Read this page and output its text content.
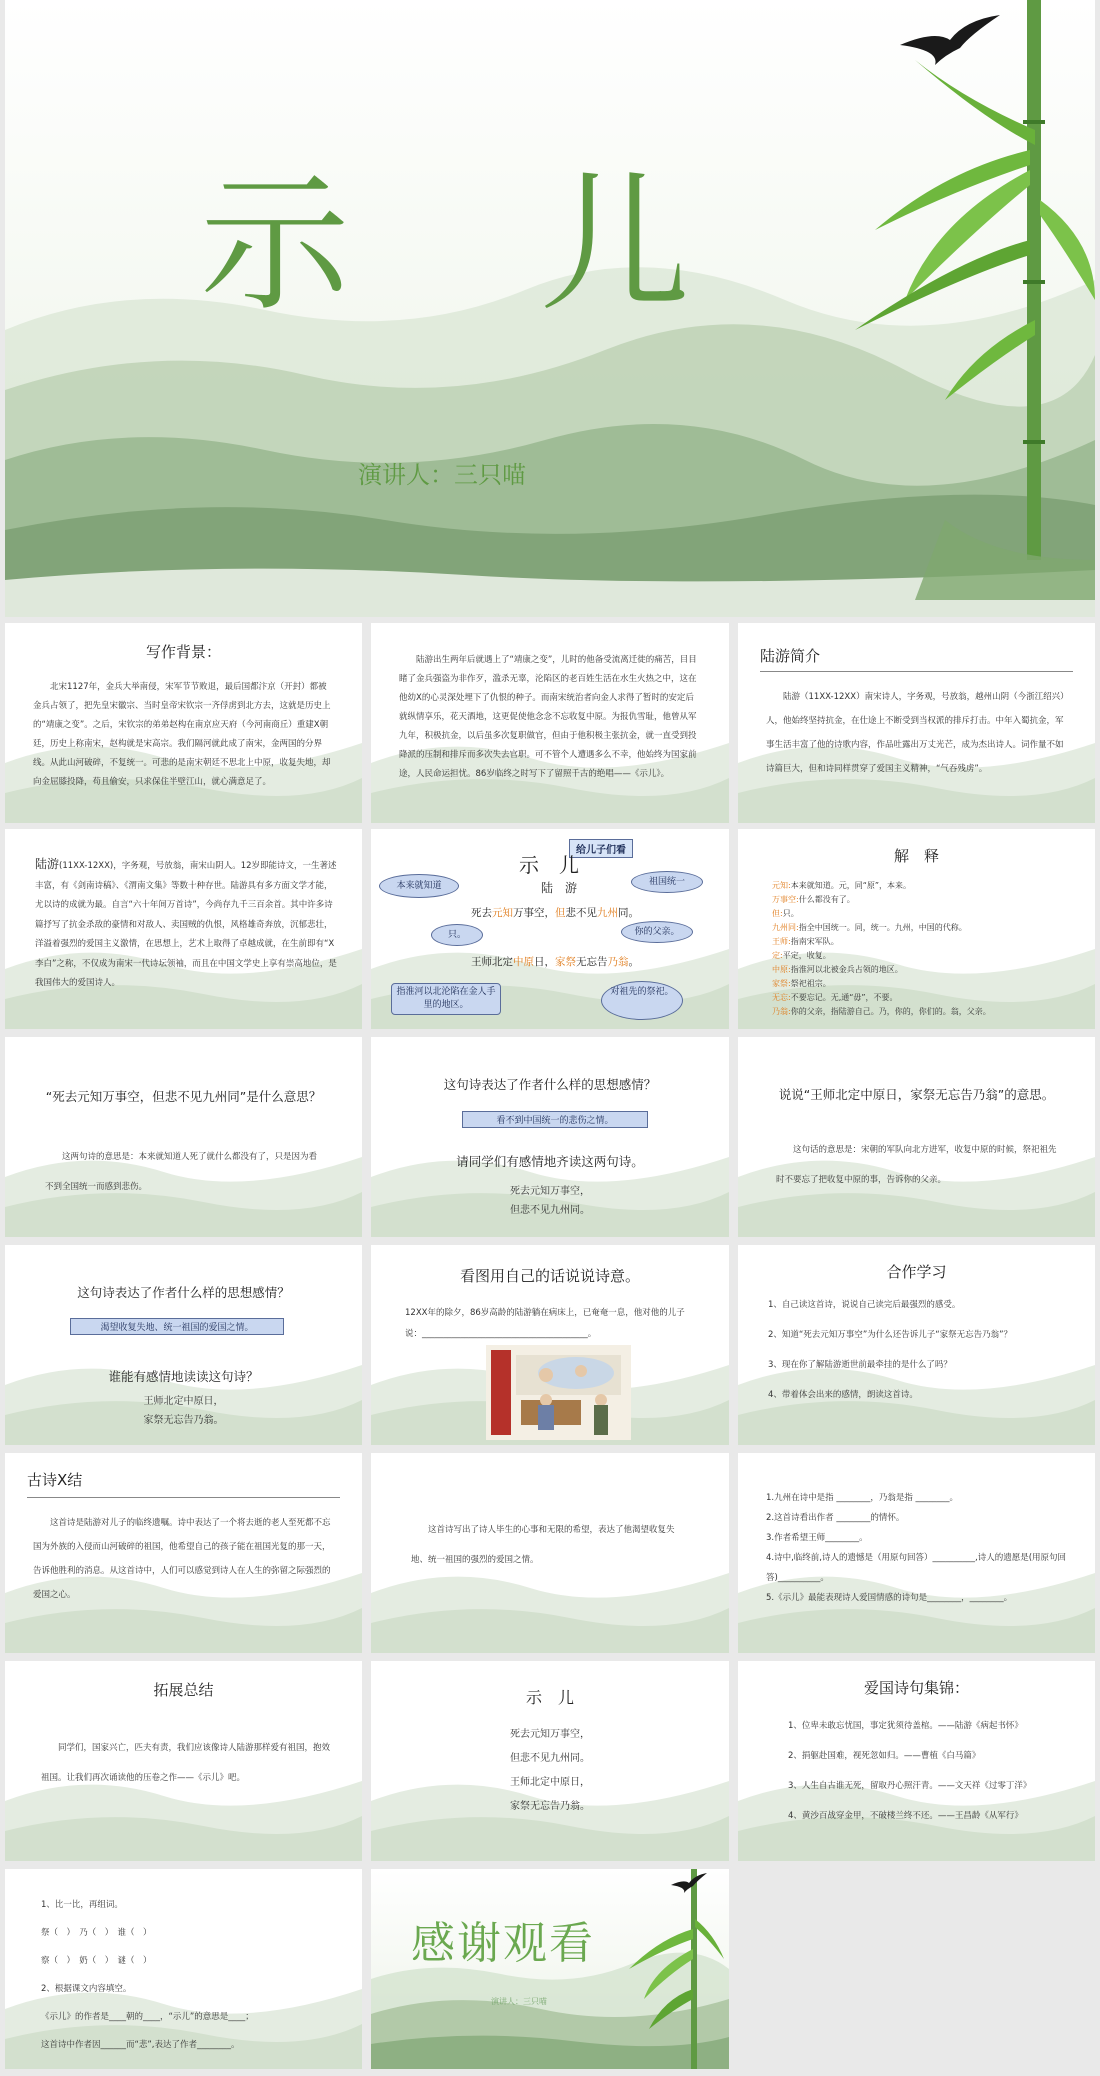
示　儿
演讲人：三只喵
写作背景：
北宋1127年，金兵大举南侵，宋军节节败退，最后国都汴京（开封）都被金兵占领了，把先皇宋徽宗、当时皇帝宋钦宗一齐俘虏到北方去，这就是历史上的“靖康之变”。之后，宋钦宗的弟弟赵构在南京应天府（今河南商丘）重建X朝廷，历史上称南宋，赵构就是宋高宗。我们隔河就此成了南宋，金两国的分界线。从此山河破碎，不复统一。可悲的是南宋朝廷不思北上中原，收复失地，却向金屈膝投降，苟且偷安，只求保住半壁江山，就心满意足了。
陆游出生两年后就遇上了“靖康之变”，儿时的他备受流离迁徙的痛苦，目目睹了金兵强盗为非作歹，滥杀无辜，沦陷区的老百姓生活在水生火热之中，这在他幼X的心灵深处埋下了仇恨的种子。而南宋统治者向金人求得了暂时的安定后就纵情享乐，花天酒地，这更促使他念念不忘收复中原。为报仇雪耻，他曾从军九年，积极抗金，以后虽多次复职做官，但由于他积极主张抗金，就一直受到投降派的压制和排斥而多次失去官职。可不管个人遭遇多么不幸，他始终为国家前途，人民命运担忧。86岁临终之时写下了留照千古的绝唱——《示儿》。
陆游简介
陆游（11XX-12XX）南宋诗人，字务观，号放翁，越州山阴（今浙江绍兴）人，他始终坚持抗金，在仕途上不断受到当权派的排斥打击。中年入蜀抗金，军事生活丰富了他的诗歌内容，作品吐露出万丈光芒，成为杰出诗人。词作量不如诗篇巨大，但和诗同样贯穿了爱国主义精神，“气吞残虏”。
陆游(11XX-12XX)，字务观，号放翁，南宋山阴人。12岁即能诗文，一生著述丰富，有《剑南诗稿》、《渭南文集》等数十种存世。陆游具有多方面文学才能，尤以诗的成就为最。自言“六十年间万首诗”，今尚存九千三百余首。其中许多诗篇抒写了抗金杀敌的豪情和对敌人、卖国贼的仇恨，风格雄奇奔放，沉郁悲壮，洋溢着强烈的爱国主义激情，在思想上，艺术上取得了卓越成就，在生前即有“X李白”之称，不仅成为南宋一代诗坛领袖，而且在中国文学史上享有崇高地位，是我国伟大的爱国诗人。
给儿子们看
示　儿
陆　游
死去元知万事空，但悲不见九州同。
王师北定中原日，家祭无忘告乃翁。
本来就知道	祖国统一
只。	你的父亲。
指淮河以北沦陷在金人手里的地区。
对祖先的祭祀。
解　释
元知:本来就知道。元，同“原”，本来。
万事空:什么都没有了。
但:只。
九州同:指全中国统一。同，统一。九州，中国的代称。
王师:指南宋军队。
定:平定，收复。
中原:指淮河以北被金兵占领的地区。
家祭:祭祀祖宗。
无忘:不要忘记。无,通“毋”，不要。
乃翁:你的父亲，指陆游自己。乃，你的，你们的。翁，父亲。
“死去元知万事空，但悲不见九州同”是什么意思？
这两句诗的意思是：本来就知道人死了就什么都没有了，只是因为看不到全国统一而感到悲伤。
这句诗表达了作者什么样的思想感情？
看不到中国统一的悲伤之情。
请同学们有感情地齐读这两句诗。
死去元知万事空，
但悲不见九州同。
说说“王师北定中原日，家祭无忘告乃翁”的意思。
这句话的意思是：宋朝的军队向北方进军，收复中原的时候，祭祀祖先时不要忘了把收复中原的事，告诉你的父亲。
这句诗表达了作者什么样的思想感情？
渴望收复失地、统一祖国的爱国之情。
谁能有感情地读读这句诗？
王师北定中原日，
家祭无忘告乃翁。
看图用自己的话说说诗意。
12XX年的除夕，86岁高龄的陆游躺在病床上，已奄奄一息，他对他的儿子说：_______________________________________。
合作学习
1、自己读这首诗，说说自己读完后最强烈的感受。
2、知道“死去元知万事空”为什么还告诉儿子“家祭无忘告乃翁”？
3、现在你了解陆游逝世前最牵挂的是什么了吗？
4、带着体会出来的感情，朗读这首诗。
古诗X结
这首诗是陆游对儿子的临终遗嘱。诗中表达了一个将去逝的老人至死都不忘国为外族的入侵而山河破碎的祖国，他希望自己的孩子能在祖国光复的那一天，告诉他胜利的消息。从这首诗中，人们可以感觉到诗人在人生的弥留之际强烈的爱国之心。
这首诗写出了诗人毕生的心事和无限的希望，表达了他渴望收复失地、统一祖国的强烈的爱国之情。
1.九州在诗中是指 ________，乃翁是指 ________。
2.这首诗看出作者 ________的情怀。
3.作者希望王师________。
4.诗中,临终前,诗人的遗憾是（用原句回答）__________,诗人的遗愿是(用原句回答)__________。
5.《示儿》最能表现诗人爱国情感的诗句是________，________。
拓展总结
同学们，国家兴亡，匹夫有责，我们应该像诗人陆游那样爱有祖国，抱效祖国。让我们再次诵读他的压卷之作——《示儿》吧。
示　儿
死去元知万事空，
但悲不见九州同。
王师北定中原日，
家祭无忘告乃翁。
爱国诗句集锦：
1、位卑未敢忘忧国，事定犹须待盖棺。——陆游《病起书怀》
2、捐躯赴国难，视死忽如归。——曹植《白马篇》
3、人生自古谁无死，留取丹心照汗青。——文天祥《过零丁洋》
4、黄沙百战穿金甲，不破楼兰终不还。——王昌龄《从军行》
1、比一比，再组词。
祭（　）　乃（　）　谁（　）
察（　）　奶（　）　谜（　）
2、根据课文内容填空。
《示儿》的作者是____朝的____，“示儿”的意思是____；
这首诗中作者因______而“悲”,表达了作者________。
感谢观看
演讲人：三只喵
